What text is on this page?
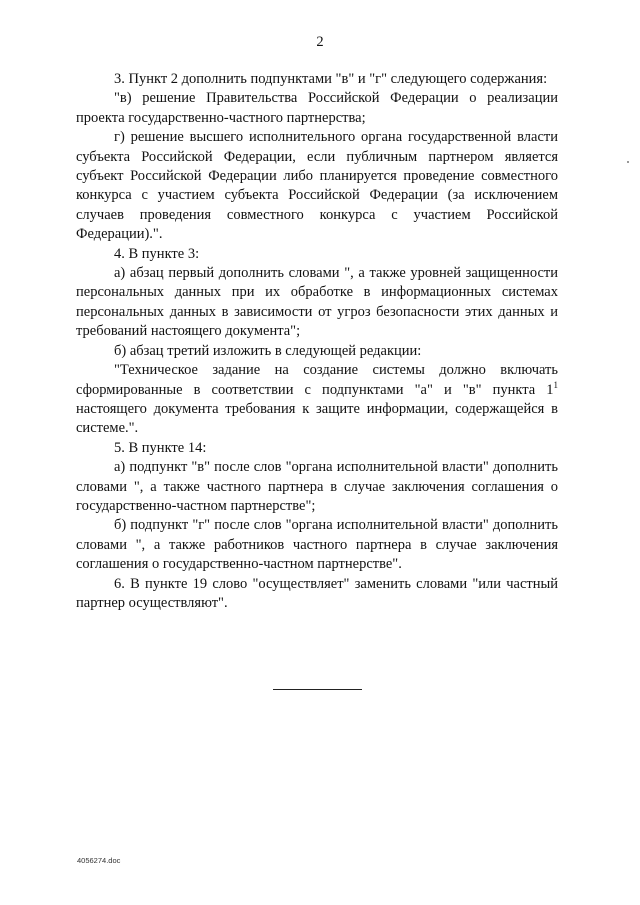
2

3. Пункт 2 дополнить подпунктами "в" и "г" следующего содержания:

"в) решение Правительства Российской Федерации о реализации проекта государственно-частного партнерства;

г) решение высшего исполнительного органа государственной власти субъекта Российской Федерации, если публичным партнером является субъект Российской Федерации либо планируется проведение совместного конкурса с участием субъекта Российской Федерации (за исключением случаев проведения совместного конкурса с участием Российской Федерации).".

4. В пункте 3:

а) абзац первый дополнить словами ", а также уровней защищенности персональных данных при их обработке в информационных системах персональных данных в зависимости от угроз безопасности этих данных и требований настоящего документа";

б) абзац третий изложить в следующей редакции:

"Техническое задание на создание системы должно включать сформированные в соответствии с подпунктами "а" и "в" пункта $1^1$ настоящего документа требования к защите информации, содержащейся в системе.".

5. В пункте 14:

а) подпункт "в" после слов "органа исполнительной власти" дополнить словами ", а также частного партнера в случае заключения соглашения о государственно-частном партнерстве";

б) подпункт "г" после слов "органа исполнительной власти" дополнить словами ", а также работников частного партнера в случае заключения соглашения о государственно-частном партнерстве".

6. В пункте 19 слово "осуществляет" заменить словами "или частный партнер осуществляют".

4056274.doc
